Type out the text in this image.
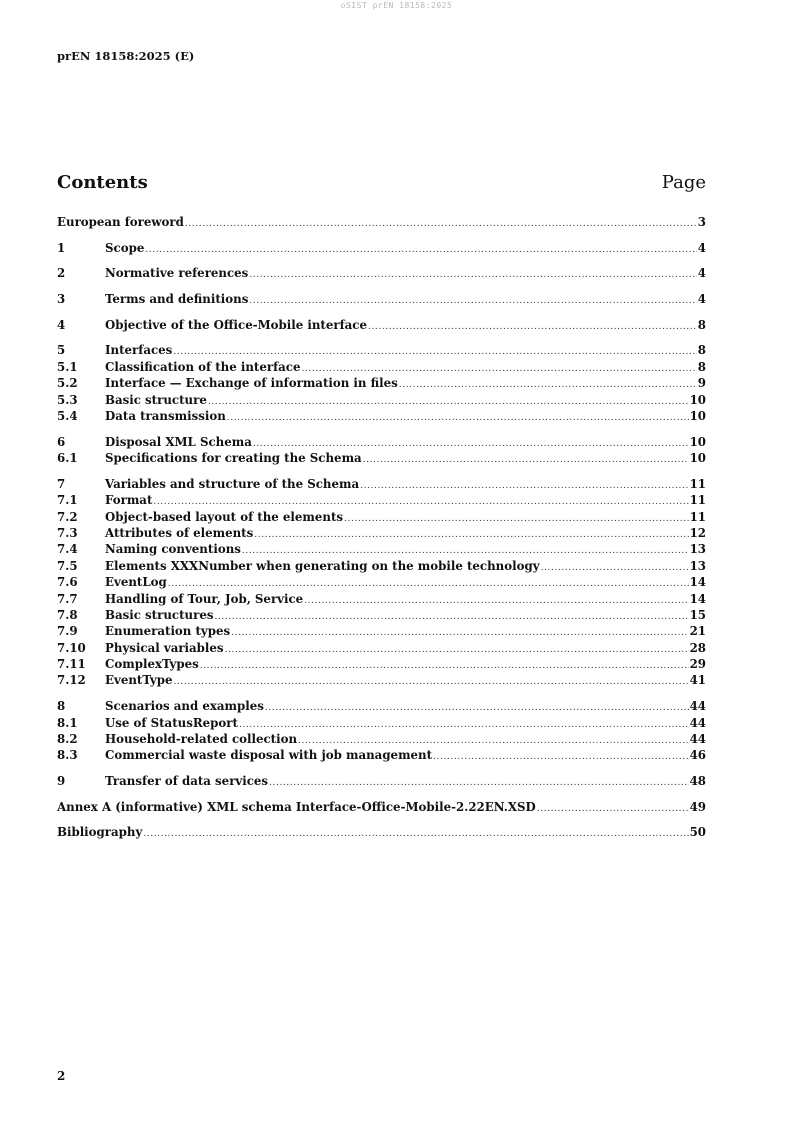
oSIST prEN 18158:2025
prEN 18158:2025 (E)
Contents	Page
European foreword .....	3
1	Scope .....	4
2	Normative references .....	4
3	Terms and definitions .....	4
4	Objective of the Office-Mobile interface .....	8
5	Interfaces .....	8
5.1	Classification of the interface .....	8
5.2	Interface — Exchange of information in files .....	9
5.3	Basic structure .....	10
5.4	Data transmission .....	10
6	Disposal XML Schema .....	10
6.1	Specifications for creating the Schema .....	10
7	Variables and structure of the Schema .....	11
7.1	Format .....	11
7.2	Object-based layout of the elements .....	11
7.3	Attributes of elements .....	12
7.4	Naming conventions .....	13
7.5	Elements XXXNumber when generating on the mobile technology .....	13
7.6	EventLog .....	14
7.7	Handling of Tour, Job, Service .....	14
7.8	Basic structures .....	15
7.9	Enumeration types .....	21
7.10	Physical variables .....	28
7.11	ComplexTypes .....	29
7.12	EventType .....	41
8	Scenarios and examples .....	44
8.1	Use of StatusReport .....	44
8.2	Household-related collection .....	44
8.3	Commercial waste disposal with job management .....	46
9	Transfer of data services .....	48
Annex A (informative) XML schema Interface-Office-Mobile-2.22EN.XSD .....	49
Bibliography .....	50
2
